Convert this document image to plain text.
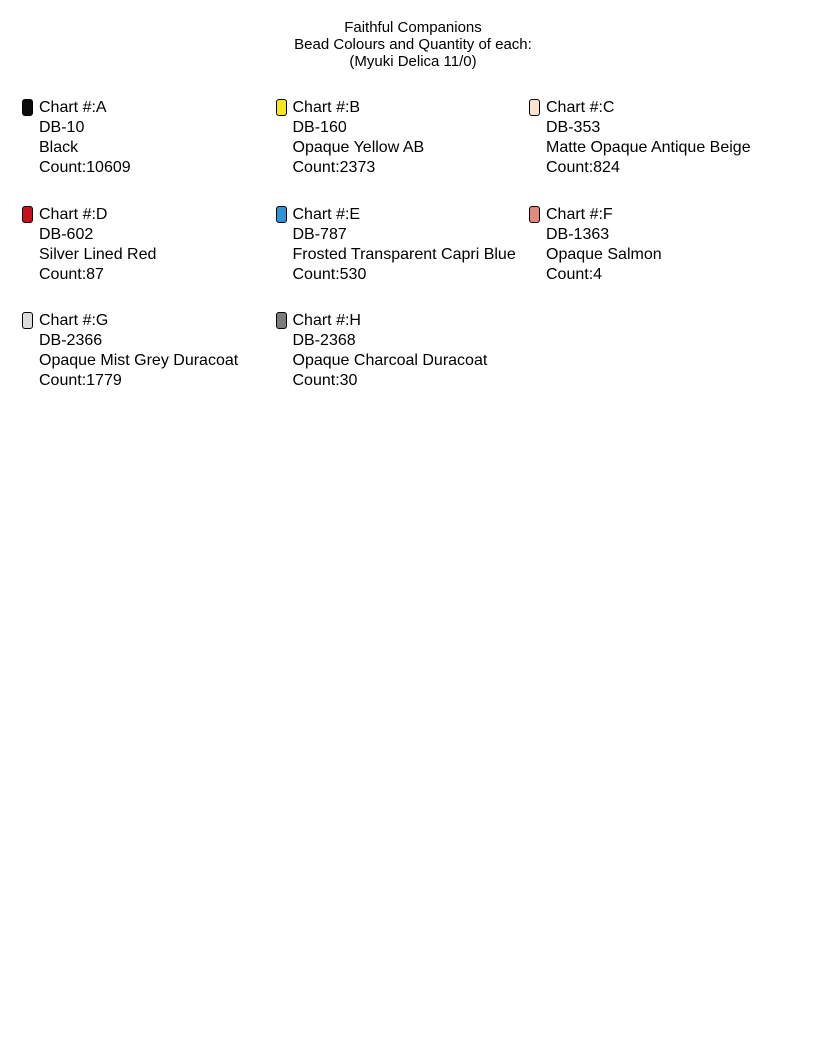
Faithful Companions
Bead Colours and Quantity of each:
(Myuki Delica 11/0)
Chart #:A
DB-10
Black
Count:10609
Chart #:B
DB-160
Opaque Yellow AB
Count:2373
Chart #:C
DB-353
Matte Opaque Antique Beige
Count:824
Chart #:D
DB-602
Silver Lined Red
Count:87
Chart #:E
DB-787
Frosted Transparent Capri Blue
Count:530
Chart #:F
DB-1363
Opaque Salmon
Count:4
Chart #:G
DB-2366
Opaque Mist Grey Duracoat
Count:1779
Chart #:H
DB-2368
Opaque Charcoal Duracoat
Count:30
